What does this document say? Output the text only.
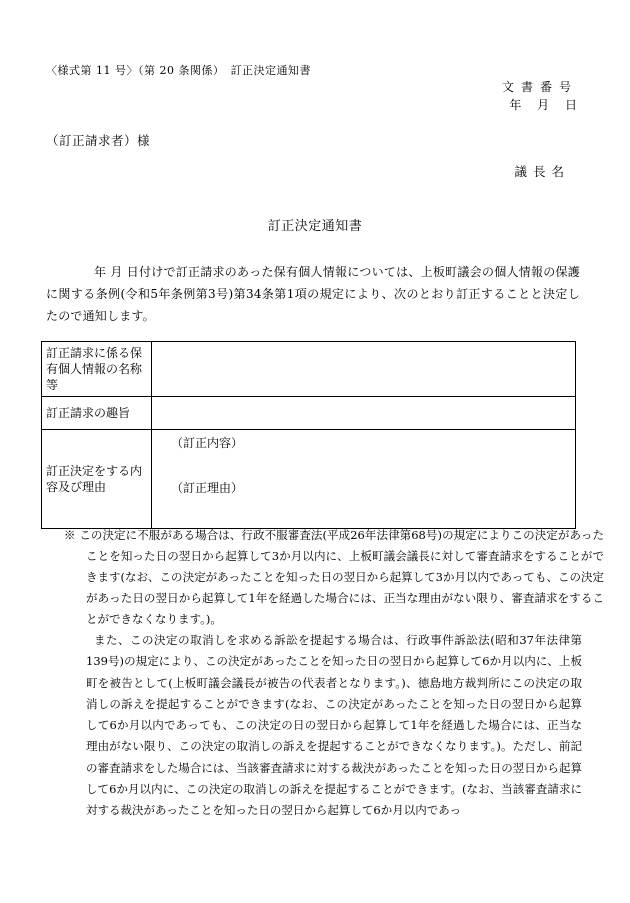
〈様式第 11 号〉（第 20 条関係）　訂正決定通知書
文書番号
年 月 日
（訂正請求者）様
議長名
訂正決定通知書
年 月 日付けで訂正請求のあった保有個人情報については、上板町議会の個人情報の保護に関する条例(令和5年条例第3号)第34条第1項の規定により、次のとおり訂正することと決定したので通知します。
訂正請求に係る保有個人情報の名称等	
訂正請求の趣旨	
訂正決定をする内容及び理由	（訂正内容）
（訂正理由）
※ この決定に不服がある場合は、行政不服審査法(平成26年法律第68号)の規定によりこの決定があったことを知った日の翌日から起算して3か月以内に、上板町議会議長に対して審査請求をすることができます(なお、この決定があったことを知った日の翌日から起算して3か月以内であっても、この決定があった日の翌日から起算して1年を経過した場合には、正当な理由がない限り、審査請求をすることができなくなります。)。
また、この決定の取消しを求める訴訟を提起する場合は、行政事件訴訟法(昭和37年法律第139号)の規定により、この決定があったことを知った日の翌日から起算して6か月以内に、上板町を被告として(上板町議会議長が被告の代表者となります。)、徳島地方裁判所にこの決定の取消しの訴えを提起することができます(なお、この決定があったことを知った日の翌日から起算して6か月以内であっても、この決定の日の翌日から起算して1年を経過した場合には、正当な理由がない限り、この決定の取消しの訴えを提起することができなくなります。)。ただし、前記の審査請求をした場合には、当該審査請求に対する裁決があったことを知った日の翌日から起算して6か月以内に、この決定の取消しの訴えを提起することができます。(なお、当該審査請求に対する裁決があったことを知った日の翌日から起算して6か月以内であっ
